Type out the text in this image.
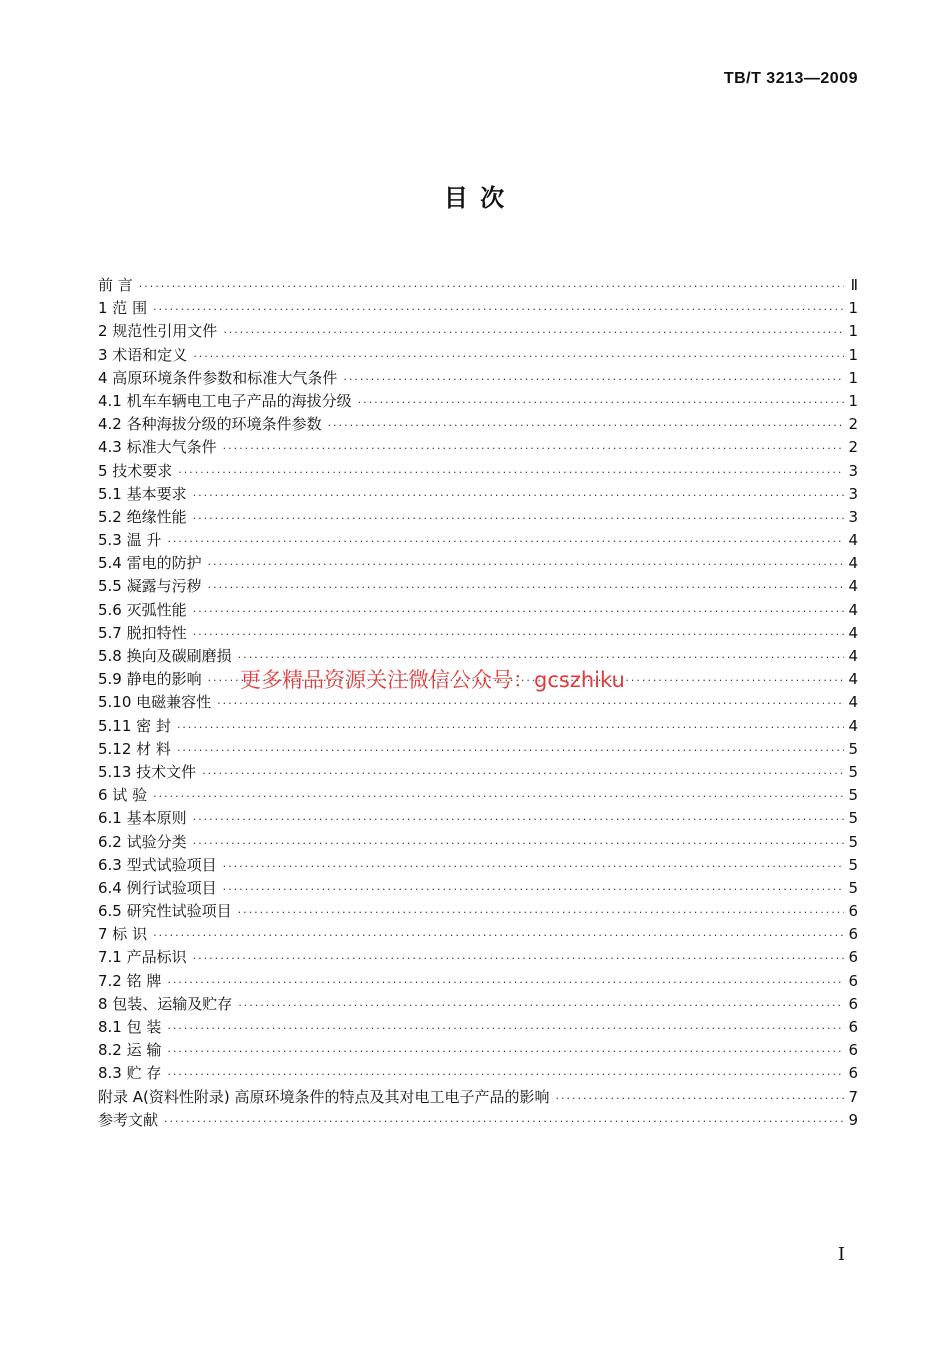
TB/T 3213—2009
目 次
前 言 ·····	Ⅱ
1 范 围 ·····	1
2 规范性引用文件 ·····	1
3 术语和定义 ·····	1
4 高原环境条件参数和标准大气条件 ·····	1
4.1 机车车辆电工电子产品的海拔分级 ·····	1
4.2 各种海拔分级的环境条件参数 ·····	2
4.3 标准大气条件 ·····	2
5 技术要求 ·····	3
5.1 基本要求 ·····	3
5.2 绝缘性能 ·····	3
5.3 温 升 ·····	4
5.4 雷电的防护 ·····	4
5.5 凝露与污秽 ·····	4
5.6 灭弧性能 ·····	4
5.7 脱扣特性 ·····	4
5.8 换向及碳刷磨损 ·····	4
5.9 静电的影响 ·····	4
5.10 电磁兼容性 ·····	4
5.11 密 封 ·····	4
5.12 材 料 ·····	5
5.13 技术文件 ·····	5
6 试 验 ·····	5
6.1 基本原则 ·····	5
6.2 试验分类 ·····	5
6.3 型式试验项目 ·····	5
6.4 例行试验项目 ·····	5
6.5 研究性试验项目 ·····	6
7 标 识 ·····	6
7.1 产品标识 ·····	6
7.2 铭 牌 ·····	6
8 包装、运输及贮存 ·····	6
8.1 包 装 ·····	6
8.2 运 输 ·····	6
8.3 贮 存 ·····	6
附录 A(资料性附录) 高原环境条件的特点及其对电工电子产品的影响 ·····	7
参考文献 ·····	9
更多精品资源关注微信公众号：gcszhiku
I
